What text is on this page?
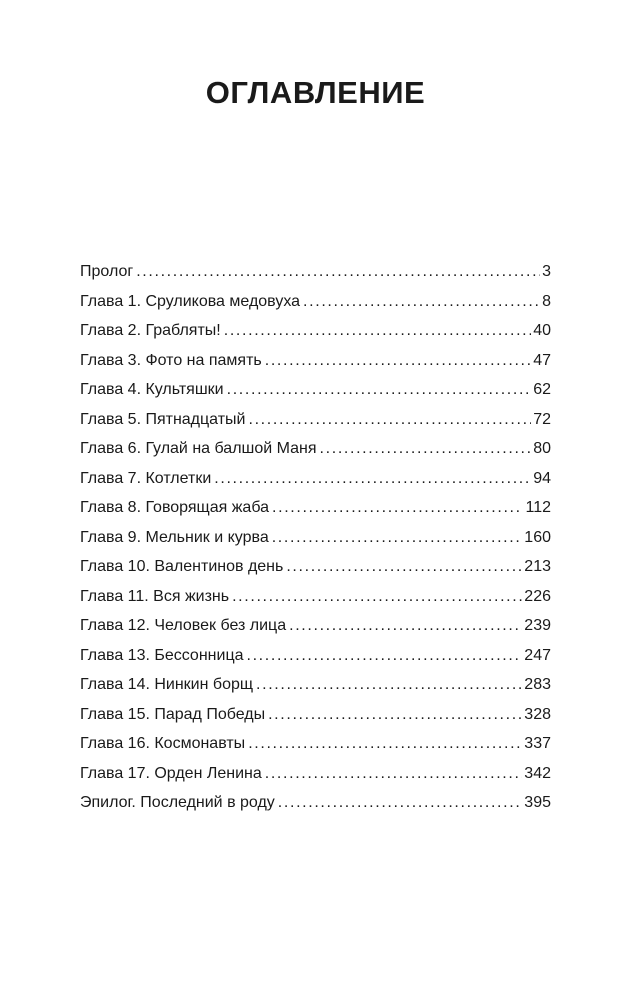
ОГЛАВЛЕНИЕ
Пролог . . .	3
Глава 1. Сруликова медовуха . . .	8
Глава 2. Грабляты! . . .	40
Глава 3. Фото на память . . .	47
Глава 4. Культяшки . . .	62
Глава 5. Пятнадцатый . . .	72
Глава 6. Гулай на балшой Маня . . .	80
Глава 7. Котлетки . . .	94
Глава 8. Говорящая жаба . . .	112
Глава 9. Мельник и курва . . .	160
Глава 10. Валентинов день . . .	213
Глава 11. Вся жизнь . . .	226
Глава 12. Человек без лица . . .	239
Глава 13. Бессонница . . .	247
Глава 14. Нинкин борщ . . .	283
Глава 15. Парад Победы . . .	328
Глава 16. Космонавты . . .	337
Глава 17. Орден Ленина . . .	342
Эпилог. Последний в роду . . .	395
